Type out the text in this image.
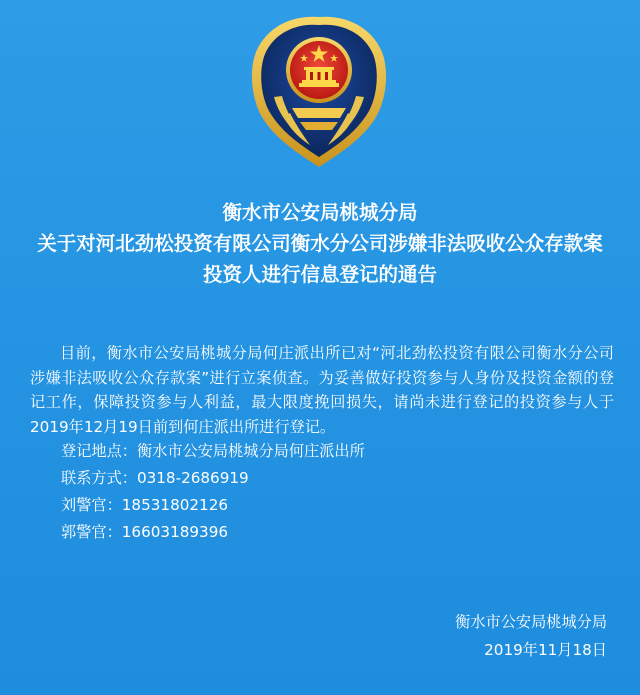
衡水市公安局桃城分局
关于对河北劲松投资有限公司衡水分公司涉嫌非法吸收公众存款案
投资人进行信息登记的通告

目前，衡水市公安局桃城分局何庄派出所已对“河北劲松投资有限公司衡水分公司涉嫌非法吸收公众存款案”进行立案侦查。为妥善做好投资参与人身份及投资金额的登记工作，保障投资参与人利益，最大限度挽回损失，请尚未进行登记的投资参与人于2019年12月19日前到何庄派出所进行登记。

登记地点：衡水市公安局桃城分局何庄派出所

联系方式：0318-2686919

刘警官：18531802126

郭警官：16603189396

衡水市公安局桃城分局
2019年11月18日
